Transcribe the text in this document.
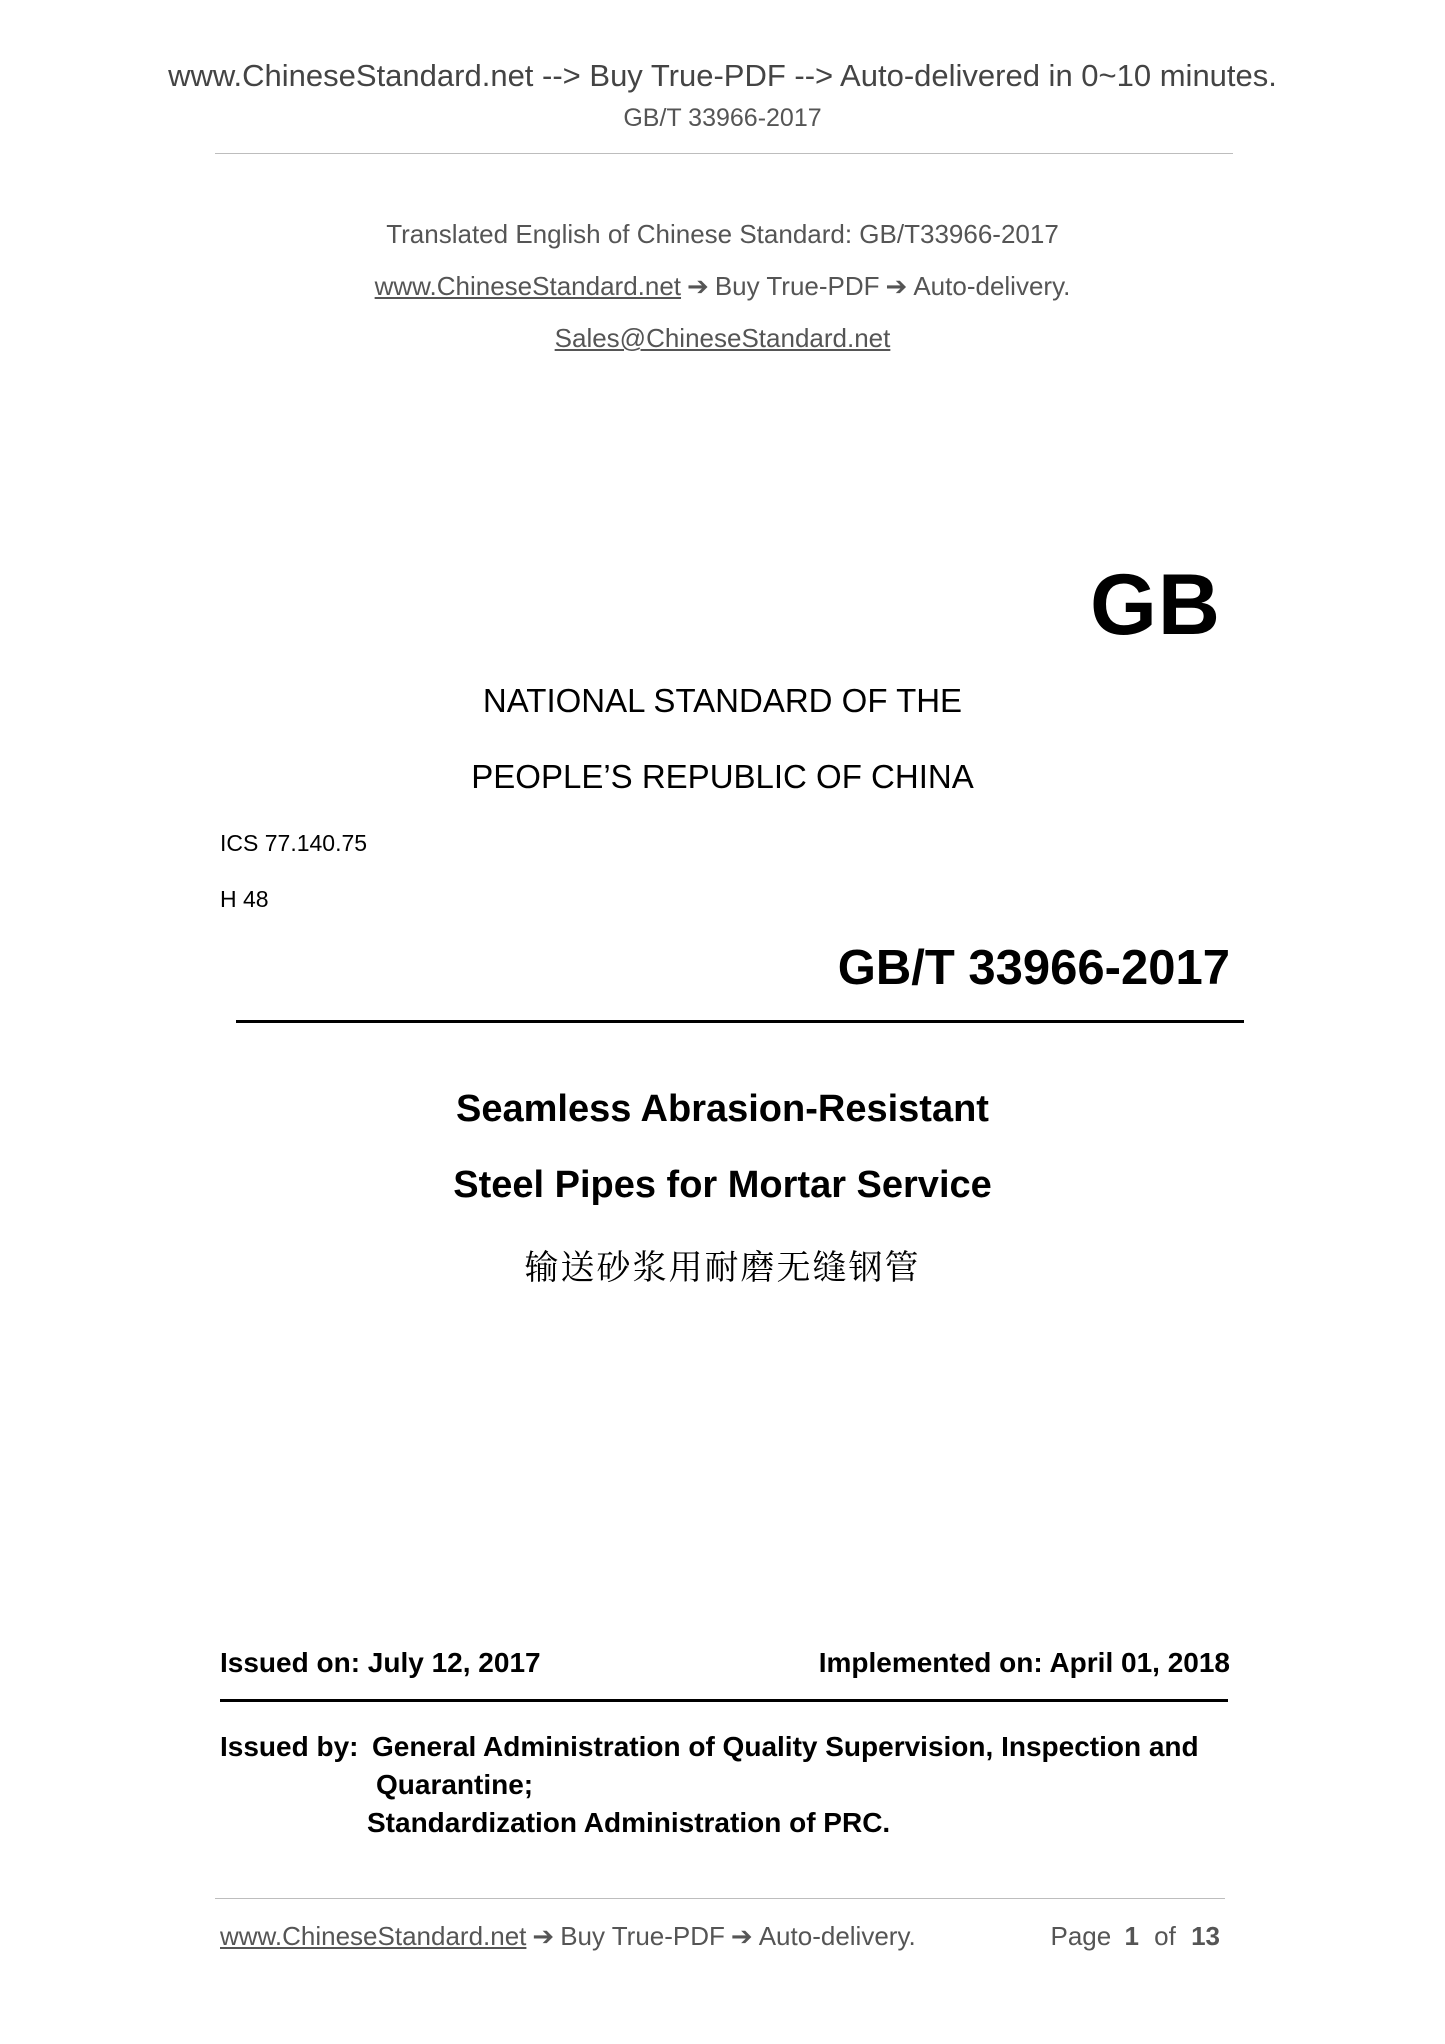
www.ChineseStandard.net --> Buy True-PDF --> Auto-delivered in 0~10 minutes.
GB/T 33966-2017
Translated English of Chinese Standard: GB/T33966-2017
www.ChineseStandard.net ➔ Buy True-PDF ➔ Auto-delivery.
Sales@ChineseStandard.net
GB
NATIONAL STANDARD OF THE
PEOPLE’S REPUBLIC OF CHINA
ICS 77.140.75
H 48
GB/T 33966-2017
Seamless Abrasion-Resistant
Steel Pipes for Mortar Service
输送砂浆用耐磨无缝钢管
Issued on: July 12, 2017	Implemented on: April 01, 2018
Issued by: General Administration of Quality Supervision, Inspection and
Quarantine;
Standardization Administration of PRC.
www.ChineseStandard.net ➔ Buy True-PDF ➔ Auto-delivery.	Page 1 of 13
